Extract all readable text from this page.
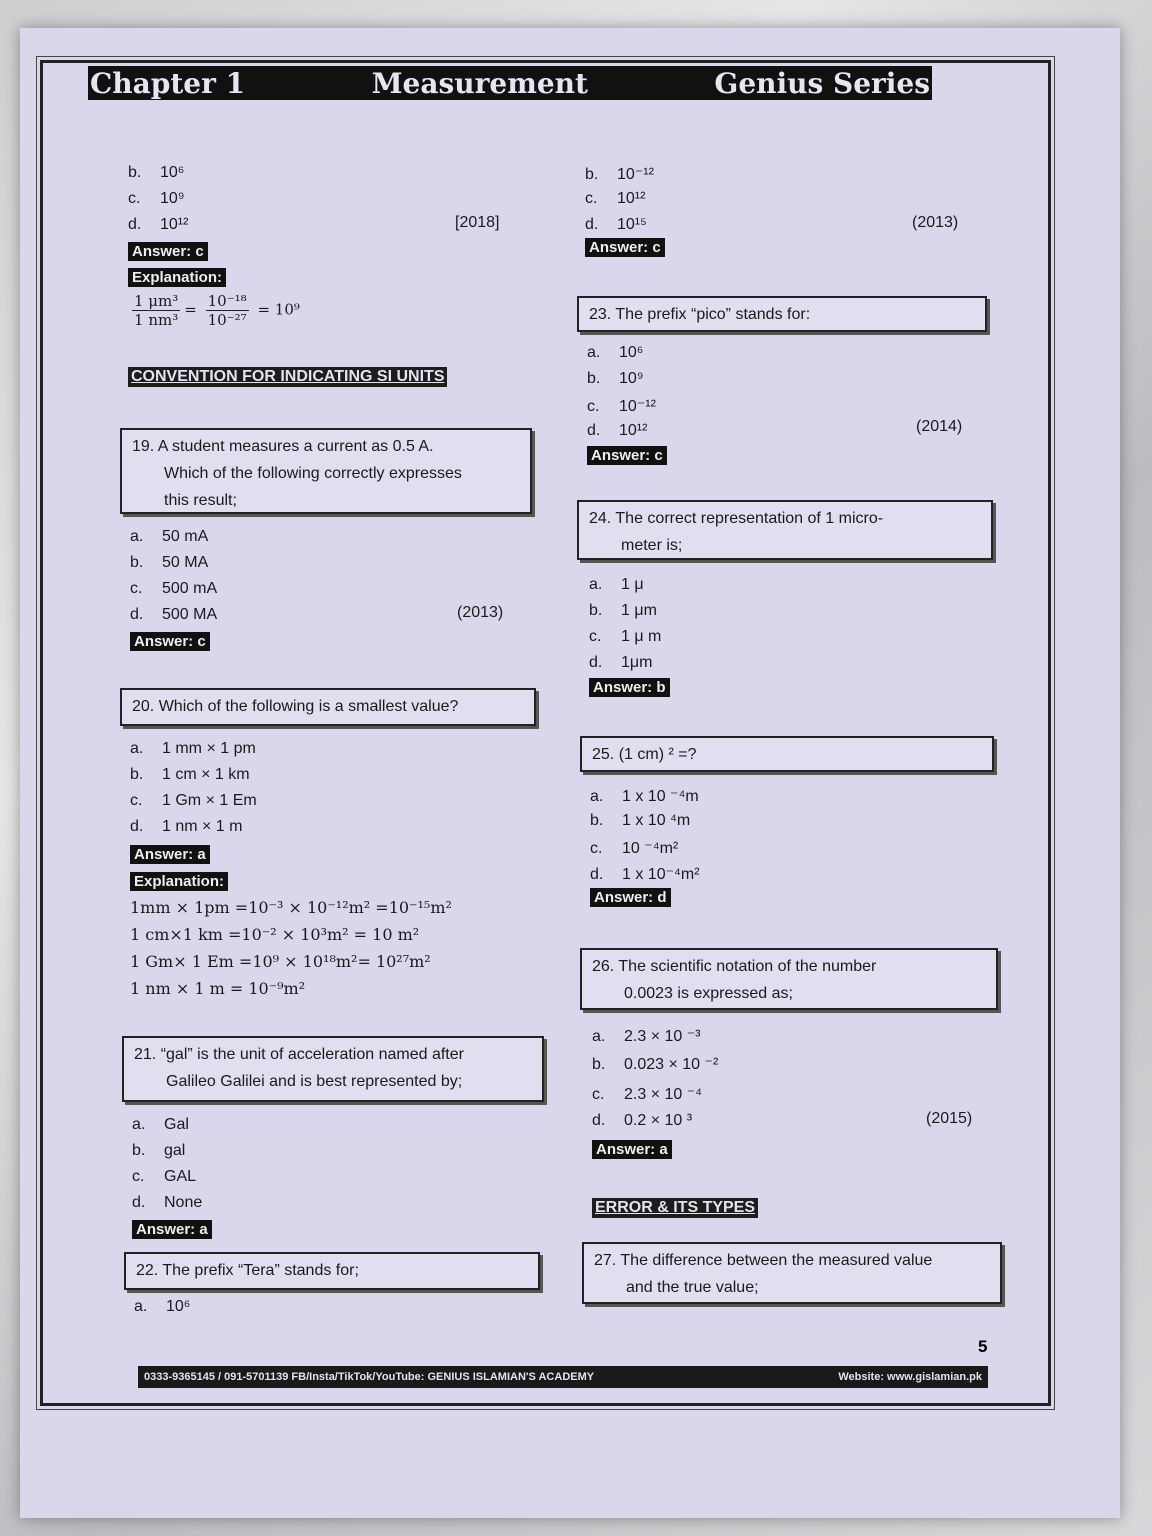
Chapter 1	Measurement	Genius Series
b. 10⁶
c. 10⁹
d. 10¹²	[2018]
Answer: c
Explanation:
$\frac{\text{1 μm³}}{\text{1 nm³}} = \frac{\text{10⁻¹⁸}}{\text{10⁻²⁷}} = 10^9$
CONVENTION FOR INDICATING SI UNITS
19. A student measures a current as 0.5 A.
Which of the following correctly expresses
this result;
a. 50 mA
b. 50 MA
c. 500 mA
d. 500 MA	(2013)
Answer: c
20. Which of the following is a smallest value?
a. 1 mm × 1 pm
b. 1 cm × 1 km
c. 1 Gm × 1 Em
d. 1 nm × 1 m
Answer: a
Explanation:
1mm × 1pm =10⁻³ × 10⁻¹²m² =10⁻¹⁵m²
1 cm×1 km =10⁻² × 10³m² = 10 m²
1 Gm× 1 Em =10⁹ × 10¹⁸m²= 10²⁷m²
1 nm × 1 m = 10⁻⁹m²
21. “gal” is the unit of acceleration named after
Galileo Galilei and is best represented by;
a. Gal
b. gal
c. GAL
d. None
Answer: a
22. The prefix “Tera” stands for;
a. 10⁶
b. 10⁻¹²
c. 10¹²
d. 10¹⁵	(2013)
Answer: c
23. The prefix “pico” stands for:
a. 10⁶
b. 10⁹
c. 10⁻¹²
d. 10¹²	(2014)
Answer: c
24. The correct representation of 1 micro-
meter is;
a. 1 μ
b. 1 μm
c. 1 μ m
d. 1μm
Answer: b
25. (1 cm) ² =?
a. 1 x 10 ⁻⁴m
b. 1 x 10 ⁴m
c. 10 ⁻⁴m²
d. 1 x 10⁻⁴m²
Answer: d
26. The scientific notation of the number
0.0023 is expressed as;
a. 2.3 × 10 ⁻³
b. 0.023 × 10 ⁻²
c. 2.3 × 10 ⁻⁴
d. 0.2 × 10 ³	(2015)
Answer: a
ERROR & ITS TYPES
27. The difference between the measured value
and the true value;
5
0333-9365145 / 091-5701139 FB/Insta/TikTok/YouTube: GENIUS ISLAMIAN'S ACADEMY	Website: www.gislamian.pk
